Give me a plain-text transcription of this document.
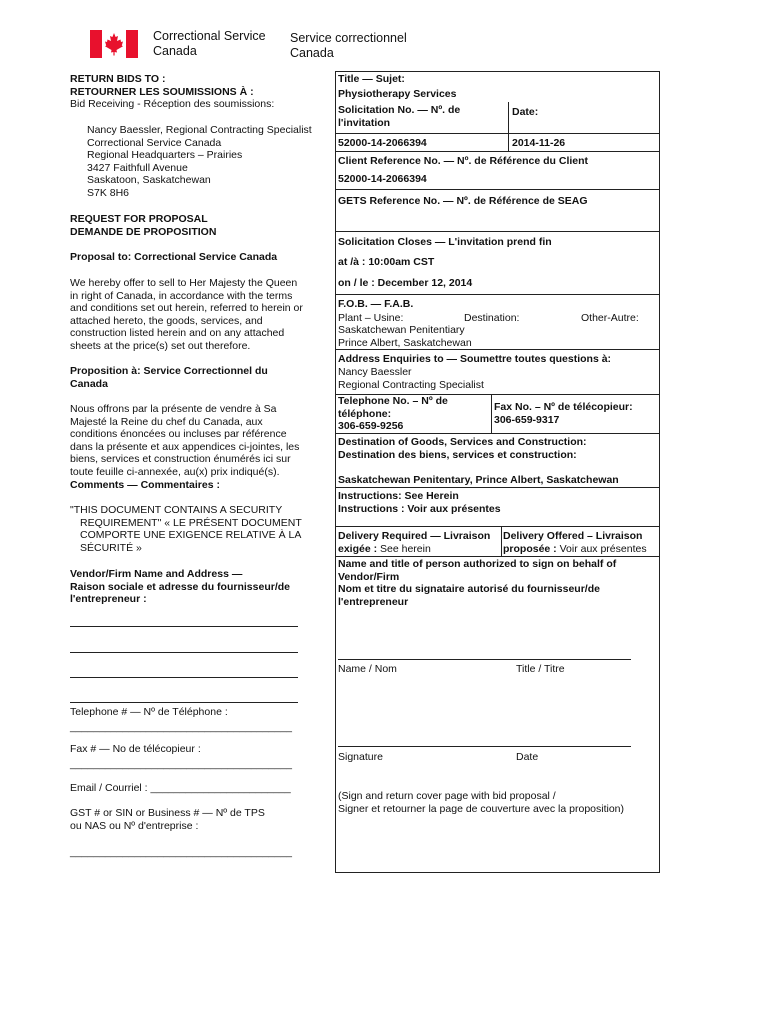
Correctional Service
Canada
Service correctionnel
Canada
RETURN BIDS TO :
RETOURNER LES SOUMISSIONS À :
Bid Receiving - Réception des soumissions:
Nancy Baessler, Regional Contracting Specialist
Correctional Service Canada
Regional Headquarters – Prairies
3427 Faithfull Avenue
Saskatoon, Saskatchewan
S7K 8H6
REQUEST FOR PROPOSAL
DEMANDE DE PROPOSITION
Proposal to: Correctional Service Canada
We hereby offer to sell to Her Majesty the Queen
in right of Canada, in accordance with the terms
and conditions set out herein, referred to herein or
attached hereto, the goods, services, and
construction listed herein and on any attached
sheets at the price(s) set out therefore.
Proposition à: Service Correctionnel du
Canada
Nous offrons par la présente de vendre à Sa
Majesté la Reine du chef du Canada, aux
conditions énoncées ou incluses par référence
dans la présente et aux appendices ci-jointes, les
biens, services et construction énumérés ici sur
toute feuille ci-annexée, au(x) prix indiqué(s).
Comments — Commentaires :
"THIS DOCUMENT CONTAINS A SECURITY
REQUIREMENT" « LE PRÉSENT DOCUMENT
COMPORTE UNE EXIGENCE RELATIVE À LA
SÉCURITÉ »
Vendor/Firm Name and Address —
Raison sociale et adresse du fournisseur/de
l'entrepreneur :
Telephone # — Nº de Téléphone :
______________________________________
Fax # — No de télécopieur :
______________________________________
Email / Courriel : ________________________
GST # or SIN or Business # — Nº de TPS
ou NAS ou Nº d'entreprise :
______________________________________
Title — Sujet:
Physiotherapy Services
Solicitation No. — Nº. de
l'invitation
Date:
52000-14-2066394	2014-11-26
Client Reference No. — Nº. de Référence du Client
52000-14-2066394
GETS Reference No. — Nº. de Référence de SEAG
Solicitation Closes — L'invitation prend fin
at /à : 10:00am CST
on / le : December 12, 2014
F.O.B. — F.A.B.
Plant – Usine:	Destination:	Other-Autre:
Saskatchewan Penitentiary
Prince Albert, Saskatchewan
Address Enquiries to — Soumettre toutes questions à:
Nancy Baessler
Regional Contracting Specialist
Telephone No. – Nº de
téléphone:
306-659-9256
Fax No. – Nº de télécopieur:
306-659-9317
Destination of Goods, Services and Construction:
Destination des biens, services et construction:
Saskatchewan Penitentary, Prince Albert, Saskatchewan
Instructions: See Herein
Instructions : Voir aux présentes
Delivery Required — Livraison
exigée : See herein
Delivery Offered – Livraison
proposée : Voir aux présentes
Name and title of person authorized to sign on behalf of
Vendor/Firm
Nom et titre du signataire autorisé du fournisseur/de
l'entrepreneur
Name / Nom	Title / Titre
Signature	Date
(Sign and return cover page with bid proposal /
Signer et retourner la page de couverture avec la proposition)
